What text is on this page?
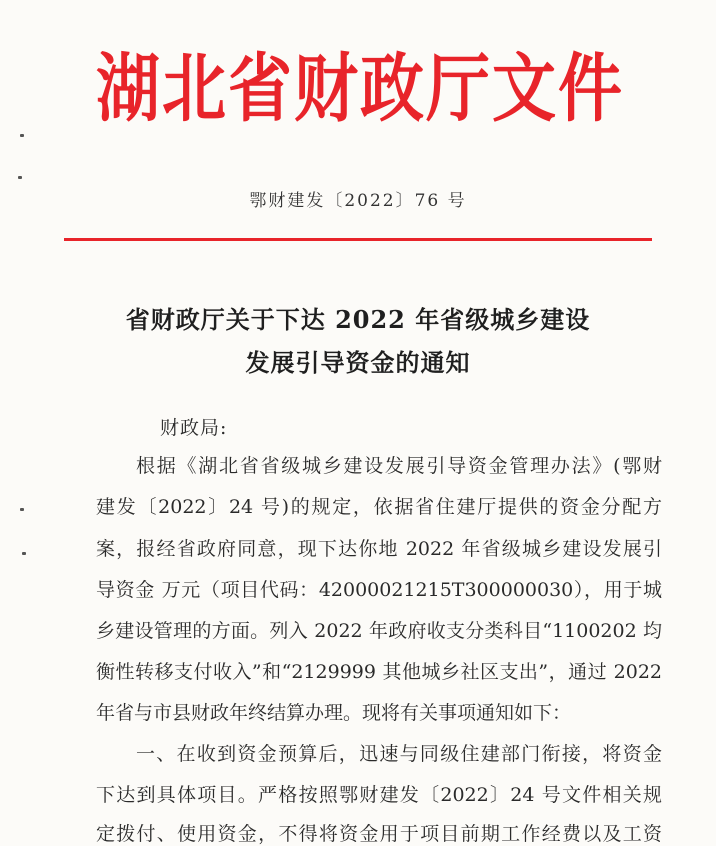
湖北省财政厅文件
鄂财建发〔2022〕76 号
省财政厅关于下达 2022 年省级城乡建设
发展引导资金的通知
财政局:
根据《湖北省省级城乡建设发展引导资金管理办法》(鄂财
建发〔2022〕24 号)的规定，依据省住建厅提供的资金分配方
案，报经省政府同意，现下达你地 2022 年省级城乡建设发展引
导资金 万元（项目代码：42000021215T300000030），用于城
乡建设管理的方面。列入 2022 年政府收支分类科目“1100202 均
衡性转移支付收入”和“2129999 其他城乡社区支出”，通过 2022
年省与市县财政年终结算办理。现将有关事项通知如下：
一、在收到资金预算后，迅速与同级住建部门衔接，将资金
下达到具体项目。严格按照鄂财建发〔2022〕24 号文件相关规
定拨付、使用资金，不得将资金用于项目前期工作经费以及工资
